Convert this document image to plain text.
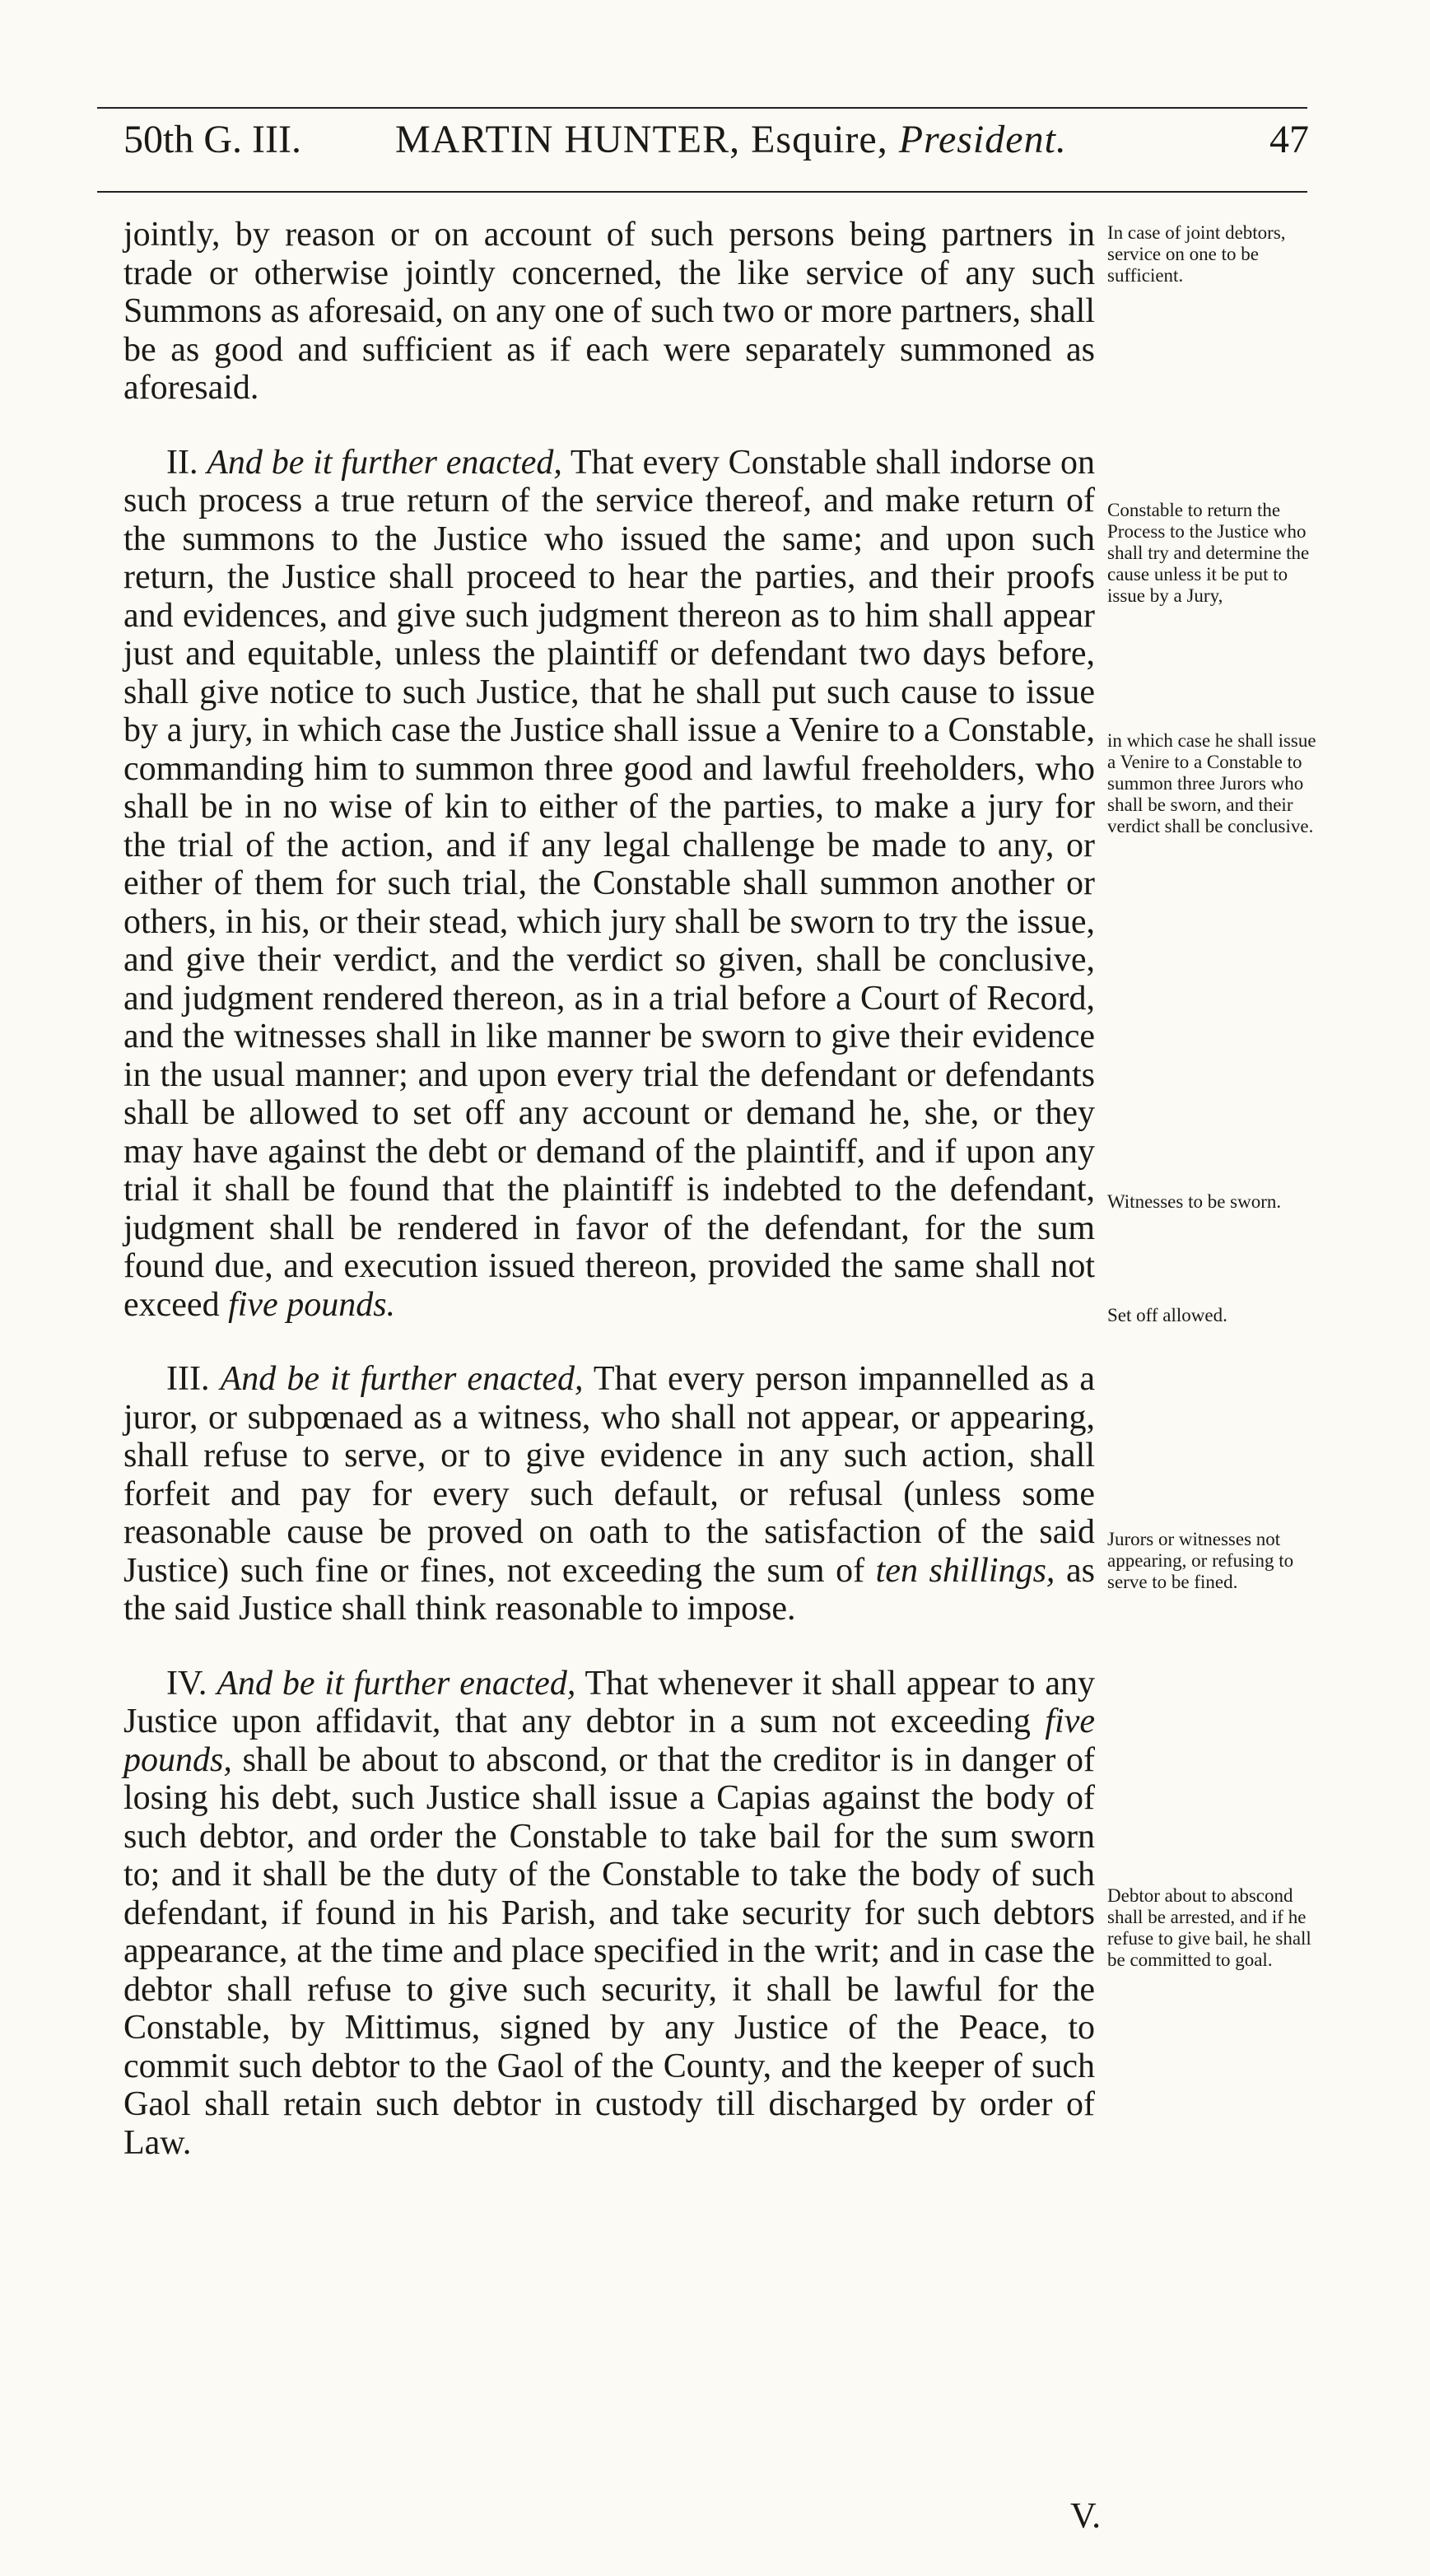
50th G. III. MARTIN HUNTER, Esquire, President.	47

jointly, by reason or on account of such persons being partners in trade or otherwise jointly concerned, the like service of any such Summons as aforesaid, on any one of such two or more partners, shall be as good and sufficient as if each were separately summoned as aforesaid.

II. And be it further enacted, That every Constable shall indorse on such process a true return of the service thereof, and make return of the summons to the Justice who issued the same; and upon such return, the Justice shall proceed to hear the parties, and their proofs and evidences, and give such judgment thereon as to him shall appear just and equitable, unless the plaintiff or defendant two days before, shall give notice to such Justice, that he shall put such cause to issue by a jury, in which case the Justice shall issue a Venire to a Constable, commanding him to summon three good and lawful freeholders, who shall be in no wise of kin to either of the parties, to make a jury for the trial of the action, and if any legal challenge be made to any, or either of them for such trial, the Constable shall summon another or others, in his, or their stead, which jury shall be sworn to try the issue, and give their verdict, and the verdict so given, shall be conclusive, and judgment rendered thereon, as in a trial before a Court of Record, and the witnesses shall in like manner be sworn to give their evidence in the usual manner; and upon every trial the defendant or defendants shall be allowed to set off any account or demand he, she, or they may have against the debt or demand of the plaintiff, and if upon any trial it shall be found that the plaintiff is indebted to the defendant, judgment shall be rendered in favor of the defendant, for the sum found due, and execution issued thereon, provided the same shall not exceed five pounds.

III. And be it further enacted, That every person impannelled as a juror, or subpœnaed as a witness, who shall not appear, or appearing, shall refuse to serve, or to give evidence in any such action, shall forfeit and pay for every such default, or refusal (unless some reasonable cause be proved on oath to the satisfaction of the said Justice) such fine or fines, not exceeding the sum of ten shillings, as the said Justice shall think reasonable to impose.

IV. And be it further enacted, That whenever it shall appear to any Justice upon affidavit, that any debtor in a sum not exceeding five pounds, shall be about to abscond, or that the creditor is in danger of losing his debt, such Justice shall issue a Capias against the body of such debtor, and order the Constable to take bail for the sum sworn to; and it shall be the duty of the Constable to take the body of such defendant, if found in his Parish, and take security for such debtors appearance, at the time and place specified in the writ; and in case the debtor shall refuse to give such security, it shall be lawful for the Constable, by Mittimus, signed by any Justice of the Peace, to commit such debtor to the Gaol of the County, and the keeper of such Gaol shall retain such debtor in custody till discharged by order of Law.

In case of joint debtors, service on one to be sufficient.
Constable to return the Process to the Justice who shall try and determine the cause unless it be put to issue by a Jury,
in which case he shall issue a Venire to a Constable to summon three Jurors who shall be sworn, and their verdict shall be conclusive.
Witnesses to be sworn.
Set off allowed.
Jurors or witnesses not appearing, or refusing to serve to be fined.
Debtor about to abscond shall be arrested, and if he refuse to give bail, he shall be committed to goal.
V.
